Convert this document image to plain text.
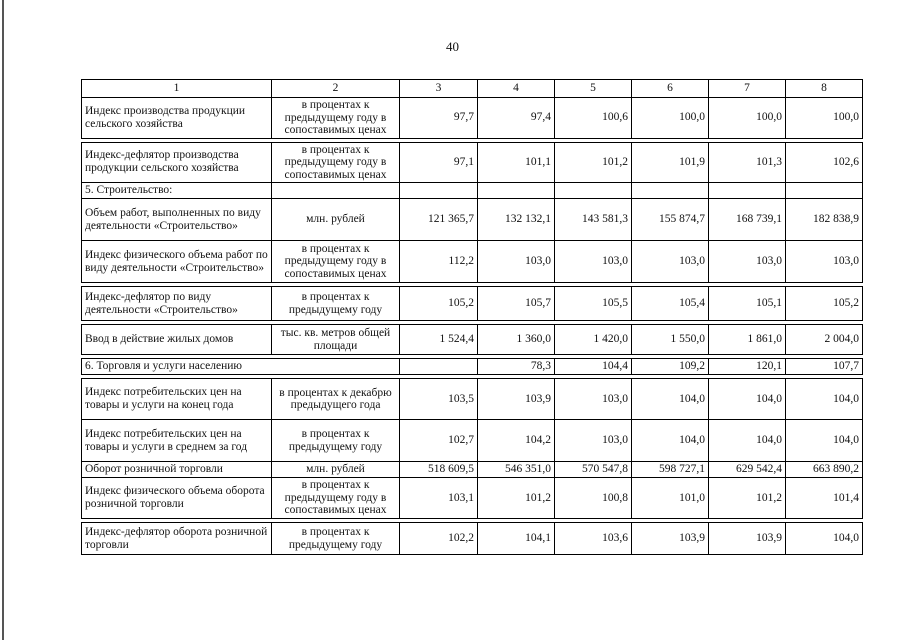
40
1	2	3	4	5	6	7	8
Индекс производства продукции сельского хозяйства	в процентах к предыдущему году в сопоставимых ценах	97,7	97,4	100,6	100,0	100,0	100,0

Индекс-дефлятор производства продукции сельского хозяйства	в процентах к предыдущему году в сопоставимых ценах	97,1	101,1	101,2	101,9	101,3	102,6
5. Строительство:							
Объем работ, выполненных по виду деятельности «Строительство»	млн. рублей	121 365,7	132 132,1	143 581,3	155 874,7	168 739,1	182 838,9
Индекс физического объема работ по виду деятельности «Строительство»	в процентах к предыдущему году в сопоставимых ценах	112,2	103,0	103,0	103,0	103,0	103,0

Индекс-дефлятор по виду деятельности «Строительство»	в процентах к предыдущему году	105,2	105,7	105,5	105,4	105,1	105,2

Ввод в действие жилых домов	тыс. кв. метров общей площади	1 524,4	1 360,0	1 420,0	1 550,0	1 861,0	2 004,0

6. Торговля и услуги населению			78,3	104,4	109,2	120,1	107,7

Индекс потребительских цен на товары и услуги на конец года	в процентах к декабрю предыдущего года	103,5	103,9	103,0	104,0	104,0	104,0
Индекс потребительских цен на товары и услуги в среднем за год	в процентах к предыдущему году	102,7	104,2	103,0	104,0	104,0	104,0
Оборот розничной торговли	млн. рублей	518 609,5	546 351,0	570 547,8	598 727,1	629 542,4	663 890,2
Индекс физического объема оборота розничной торговли	в процентах к предыдущему году в сопоставимых ценах	103,1	101,2	100,8	101,0	101,2	101,4

Индекс-дефлятор оборота розничной торговли	в процентах к предыдущему году	102,2	104,1	103,6	103,9	103,9	104,0
